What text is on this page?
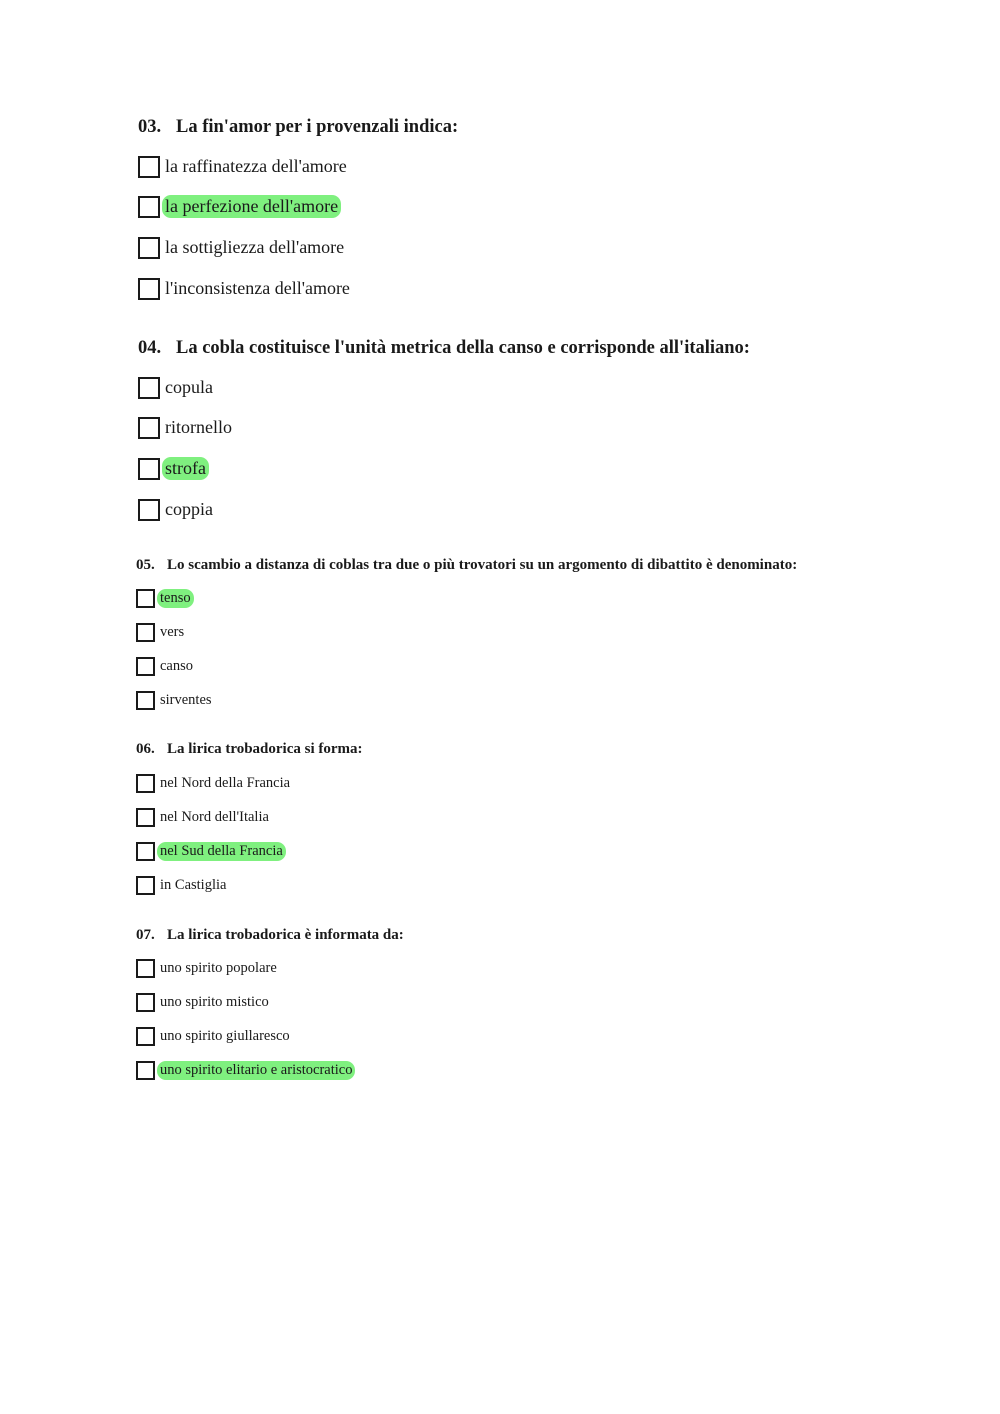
03. La fin'amor per i provenzali indica:
la raffinatezza dell'amore
la perfezione dell'amore
la sottigliezza dell'amore
l'inconsistenza dell'amore
04. La cobla costituisce l'unità metrica della canso e corrisponde all'italiano:
copula
ritornello
strofa
coppia
05. Lo scambio a distanza di coblas tra due o più trovatori su un argomento di dibattito è denominato:
tenso
vers
canso
sirventes
06. La lirica trobadorica si forma:
nel Nord della Francia
nel Nord dell'Italia
nel Sud della Francia
in Castiglia
07. La lirica trobadorica è informata da:
uno spirito popolare
uno spirito mistico
uno spirito giullaresco
uno spirito elitario e aristocratico
